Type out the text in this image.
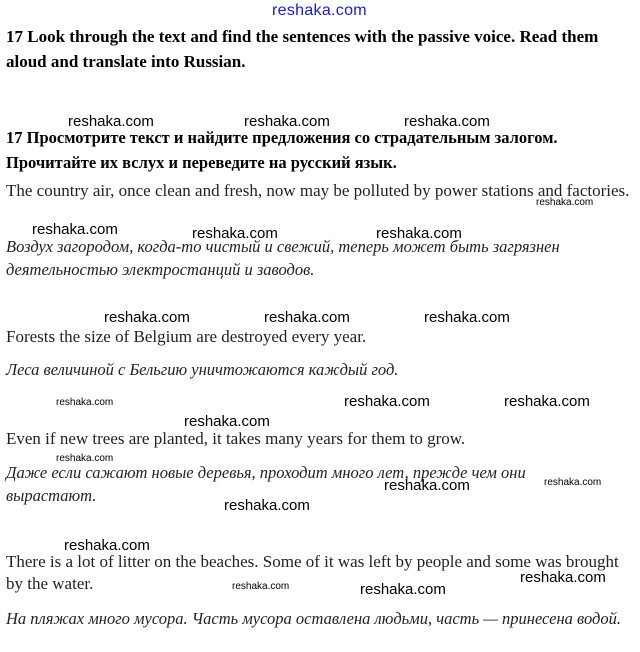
reshaka.com
17 Look through the text and find the sentences with the passive voice. Read them aloud and translate into Russian.
17 Просмотрите текст и найдите предложения со страдательным залогом. Прочитайте их вслух и переведите на русский язык.
The country air, once clean and fresh, now may be polluted by power stations and factories.
Воздух загородом, когда-то чистый и свежий, теперь может быть загрязнен деятельностью электростанций и заводов.
Forests the size of Belgium are destroyed every year.
Леса величиной с Бельгию уничтожаются каждый год.
Even if new trees are planted, it takes many years for them to grow.
Даже если сажают новые деревья, проходит много лет, прежде чем они вырастают.
There is a lot of litter on the beaches. Some of it was left by people and some was brought by the water.
На пляжах много мусора. Часть мусора оставлена людьми, часть — принесена водой.
reshaka.com	reshaka.com	reshaka.com
reshaka.com
reshaka.com	reshaka.com	reshaka.com
reshaka.com	reshaka.com	reshaka.com
reshaka.com	reshaka.com	reshaka.com
reshaka.com
reshaka.com
reshaka.com	reshaka.com
reshaka.com
reshaka.com
reshaka.com
reshaka.com	reshaka.com
